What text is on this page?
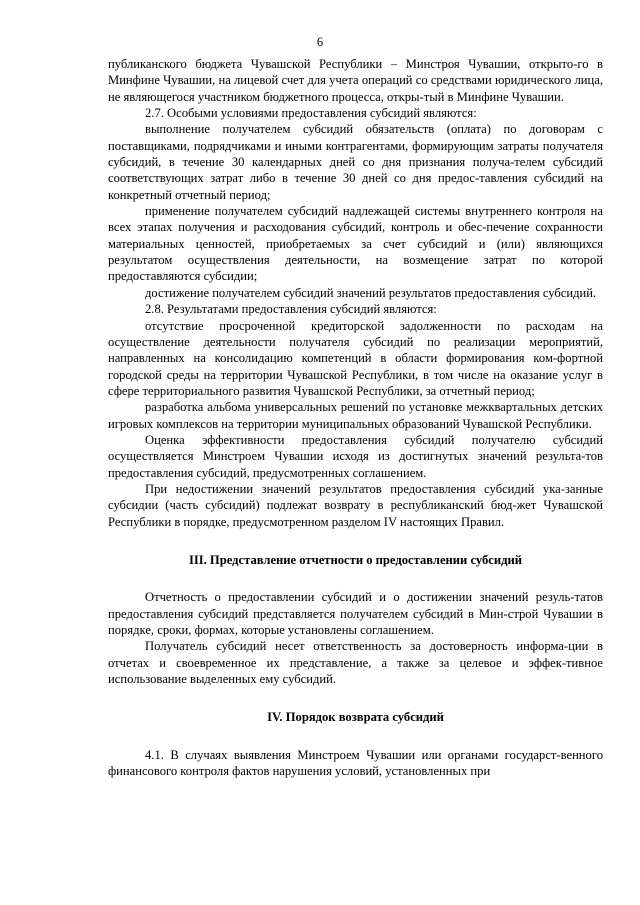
6

публиканского бюджета Чувашской Республики – Минстроя Чувашии, открыто-го в Минфине Чувашии, на лицевой счет для учета операций со средствами юридического лица, не являющегося участником бюджетного процесса, откры-тый в Минфине Чувашии.

2.7. Особыми условиями предоставления субсидий являются:

выполнение получателем субсидий обязательств (оплата) по договорам с поставщиками, подрядчиками и иными контрагентами, формирующим затраты получателя субсидий, в течение 30 календарных дней со дня признания получа-телем субсидий соответствующих затрат либо в течение 30 дней со дня предос-тавления субсидий на конкретный отчетный период;

применение получателем субсидий надлежащей системы внутреннего контроля на всех этапах получения и расходования субсидий, контроль и обес-печение сохранности материальных ценностей, приобретаемых за счет субсидий и (или) являющихся результатом осуществления деятельности, на возмещение затрат по которой предоставляются субсидии;

достижение получателем субсидий значений результатов предоставления субсидий.

2.8. Результатами предоставления субсидий являются:

отсутствие просроченной кредиторской задолженности по расходам на осуществление деятельности получателя субсидий по реализации мероприятий, направленных на консолидацию компетенций в области формирования ком-фортной городской среды на территории Чувашской Республики, в том числе на оказание услуг в сфере территориального развития Чувашской Республики, за отчетный период;

разработка альбома универсальных решений по установке межквартальных детских игровых комплексов на территории муниципальных образований Чувашской Республики.

Оценка эффективности предоставления субсидий получателю субсидий осуществляется Минстроем Чувашии исходя из достигнутых значений результа-тов предоставления субсидий, предусмотренных соглашением.

При недостижении значений результатов предоставления субсидий ука-занные субсидии (часть субсидий) подлежат возврату в республиканский бюд-жет Чувашской Республики в порядке, предусмотренном разделом IV настоящих Правил.

III. Представление отчетности о предоставлении субсидий

Отчетность о предоставлении субсидий и о достижении значений резуль-татов предоставления субсидий представляется получателем субсидий в Мин-строй Чувашии в порядке, сроки, формах, которые установлены соглашением.

Получатель субсидий несет ответственность за достоверность информа-ции в отчетах и своевременное их представление, а также за целевое и эффек-тивное использование выделенных ему субсидий.

IV. Порядок возврата субсидий

4.1. В случаях выявления Минстроем Чувашии или органами государст-венного финансового контроля фактов нарушения условий, установленных при
